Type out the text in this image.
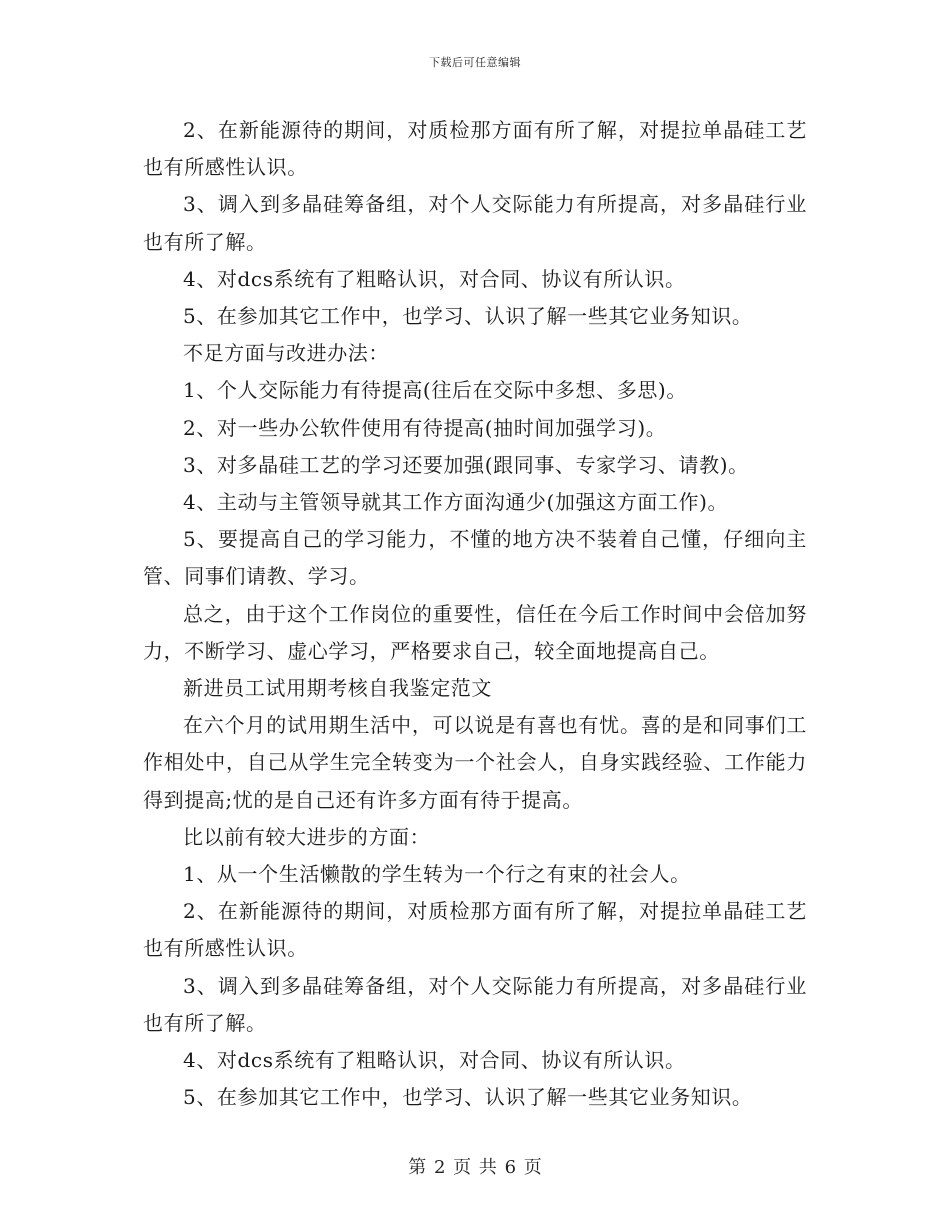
下载后可任意编辑

2、在新能源待的期间，对质检那方面有所了解，对提拉单晶硅工艺也有所感性认识。

3、调入到多晶硅筹备组，对个人交际能力有所提高，对多晶硅行业也有所了解。

4、对dcs系统有了粗略认识，对合同、协议有所认识。

5、在参加其它工作中，也学习、认识了解一些其它业务知识。

不足方面与改进办法：

1、个人交际能力有待提高(往后在交际中多想、多思)。

2、对一些办公软件使用有待提高(抽时间加强学习)。

3、对多晶硅工艺的学习还要加强(跟同事、专家学习、请教)。

4、主动与主管领导就其工作方面沟通少(加强这方面工作)。

5、要提高自己的学习能力，不懂的地方决不装着自己懂，仔细向主管、同事们请教、学习。

总之，由于这个工作岗位的重要性，信任在今后工作时间中会倍加努力，不断学习、虚心学习，严格要求自己，较全面地提高自己。

新进员工试用期考核自我鉴定范文

在六个月的试用期生活中，可以说是有喜也有忧。喜的是和同事们工作相处中，自己从学生完全转变为一个社会人，自身实践经验、工作能力得到提高;忧的是自己还有许多方面有待于提高。

比以前有较大进步的方面：

1、从一个生活懒散的学生转为一个行之有束的社会人。

2、在新能源待的期间，对质检那方面有所了解，对提拉单晶硅工艺也有所感性认识。

3、调入到多晶硅筹备组，对个人交际能力有所提高，对多晶硅行业也有所了解。

4、对dcs系统有了粗略认识，对合同、协议有所认识。

5、在参加其它工作中，也学习、认识了解一些其它业务知识。

第 2 页 共 6 页
